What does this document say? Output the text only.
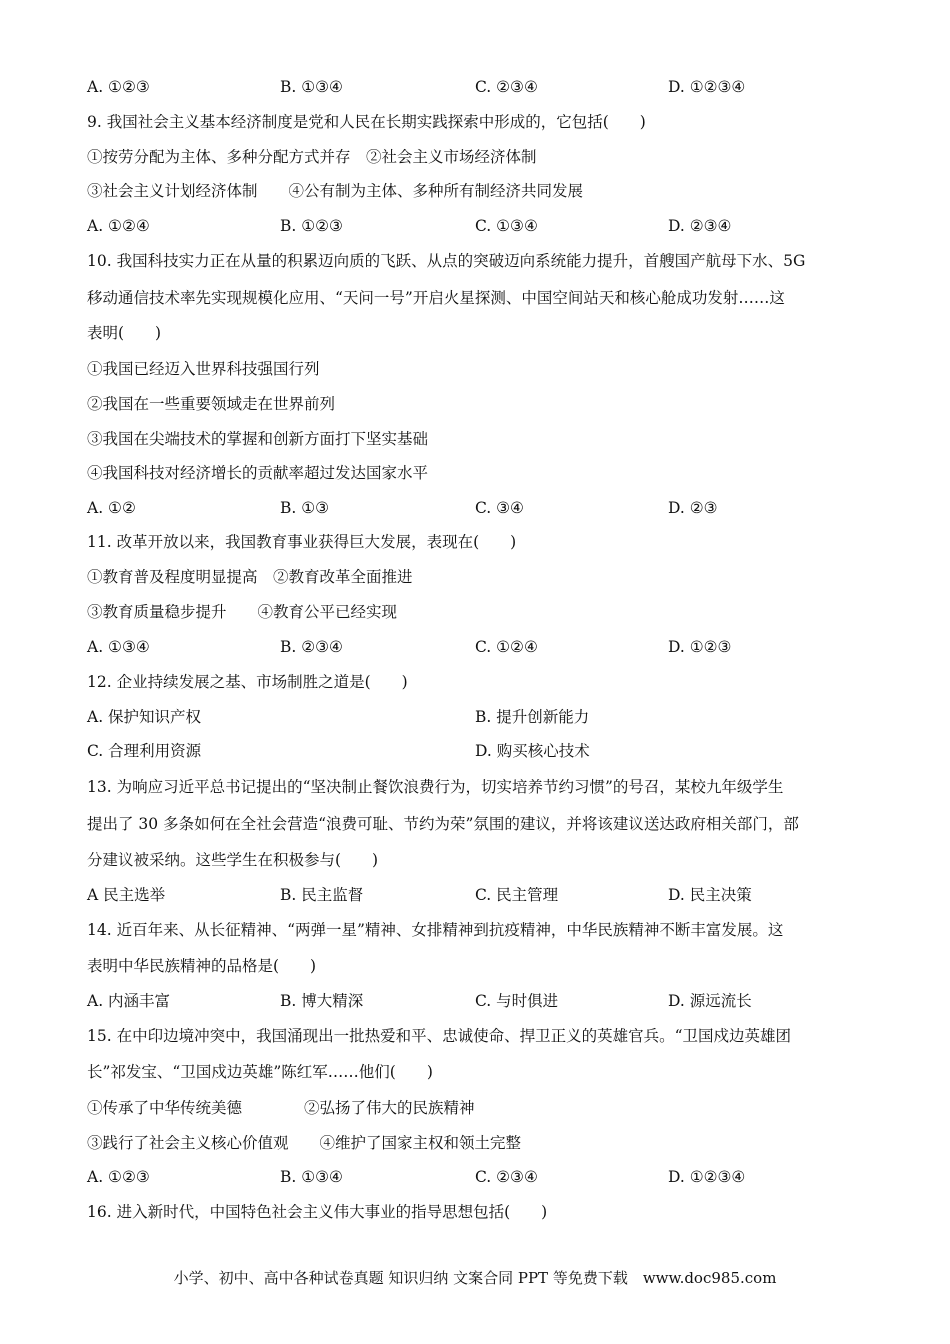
A. ①②③	B. ①③④	C. ②③④	D. ①②③④
9. 我国社会主义基本经济制度是党和人民在长期实践探索中形成的，它包括(　　)
①按劳分配为主体、多种分配方式并存　②社会主义市场经济体制
③社会主义计划经济体制　　④公有制为主体、多种所有制经济共同发展
A. ①②④	B. ①②③	C. ①③④	D. ②③④
10. 我国科技实力正在从量的积累迈向质的飞跃、从点的突破迈向系统能力提升，首艘国产航母下水、5G
移动通信技术率先实现规模化应用、“天问一号”开启火星探测、中国空间站天和核心舱成功发射……这
表明(　　)
①我国已经迈入世界科技强国行列
②我国在一些重要领域走在世界前列
③我国在尖端技术的掌握和创新方面打下坚实基础
④我国科技对经济增长的贡献率超过发达国家水平
A. ①②	B. ①③	C. ③④	D. ②③
11. 改革开放以来，我国教育事业获得巨大发展，表现在(　　)
①教育普及程度明显提高　②教育改革全面推进
③教育质量稳步提升　　④教育公平已经实现
A. ①③④	B. ②③④	C. ①②④	D. ①②③
12. 企业持续发展之基、市场制胜之道是(　　)
A. 保护知识产权	B. 提升创新能力
C. 合理利用资源	D. 购买核心技术
13. 为响应习近平总书记提出的“坚决制止餐饮浪费行为，切实培养节约习惯”的号召，某校九年级学生
提出了 30 多条如何在全社会营造“浪费可耻、节约为荣”氛围的建议，并将该建议送达政府相关部门，部
分建议被采纳。这些学生在积极参与(　　)
A 民主选举	B. 民主监督	C. 民主管理	D. 民主决策
14. 近百年来、从长征精神、“两弹一星”精神、女排精神到抗疫精神，中华民族精神不断丰富发展。这
表明中华民族精神的品格是(　　)
A. 内涵丰富	B. 博大精深	C. 与时俱进	D. 源远流长
15. 在中印边境冲突中，我国涌现出一批热爱和平、忠诚使命、捍卫正义的英雄官兵。“卫国戍边英雄团
长”祁发宝、“卫国戍边英雄”陈红军……他们(　　)
①传承了中华传统美德　　　　②弘扬了伟大的民族精神
③践行了社会主义核心价值观　　④维护了国家主权和领土完整
A. ①②③	B. ①③④	C. ②③④	D. ①②③④
16. 进入新时代，中国特色社会主义伟大事业的指导思想包括(　　)
小学、初中、高中各种试卷真题 知识归纳 文案合同 PPT 等免费下载　www.doc985.com
